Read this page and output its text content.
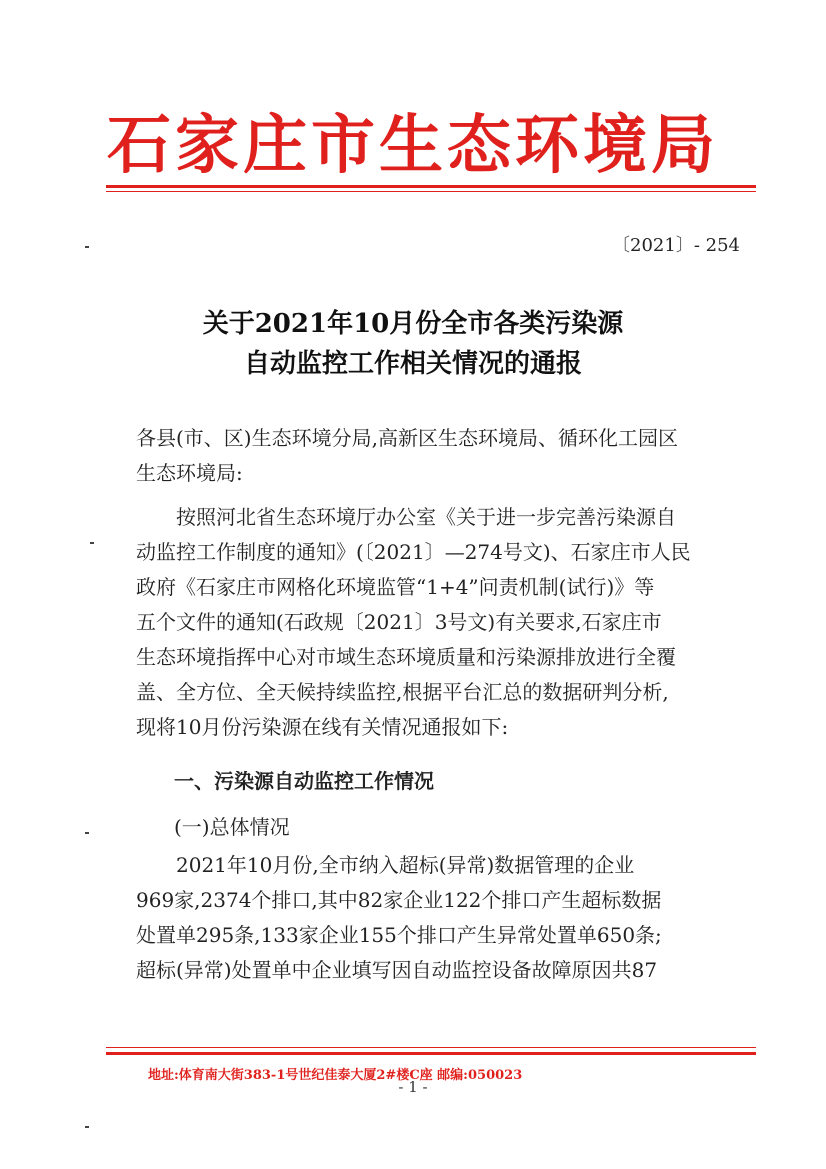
石家庄市生态环境局
〔2021〕- 254
关于2021年10月份全市各类污染源
自动监控工作相关情况的通报
各县(市、区)生态环境分局,高新区生态环境局、循环化工园区
生态环境局:
按照河北省生态环境厅办公室《关于进一步完善污染源自
动监控工作制度的通知》(〔2021〕—274号文)、石家庄市人民
政府《石家庄市网格化环境监管“1+4”问责机制(试行)》等
五个文件的通知(石政规〔2021〕3号文)有关要求,石家庄市
生态环境指挥中心对市域生态环境质量和污染源排放进行全覆
盖、全方位、全天候持续监控,根据平台汇总的数据研判分析,
现将10月份污染源在线有关情况通报如下:
一、污染源自动监控工作情况
(一)总体情况
2021年10月份,全市纳入超标(异常)数据管理的企业
969家,2374个排口,其中82家企业122个排口产生超标数据
处置单295条,133家企业155个排口产生异常处置单650条;
超标(异常)处置单中企业填写因自动监控设备故障原因共87
地址:体育南大街383-1号世纪佳泰大厦2#楼C座 邮编:050023
- 1 -
